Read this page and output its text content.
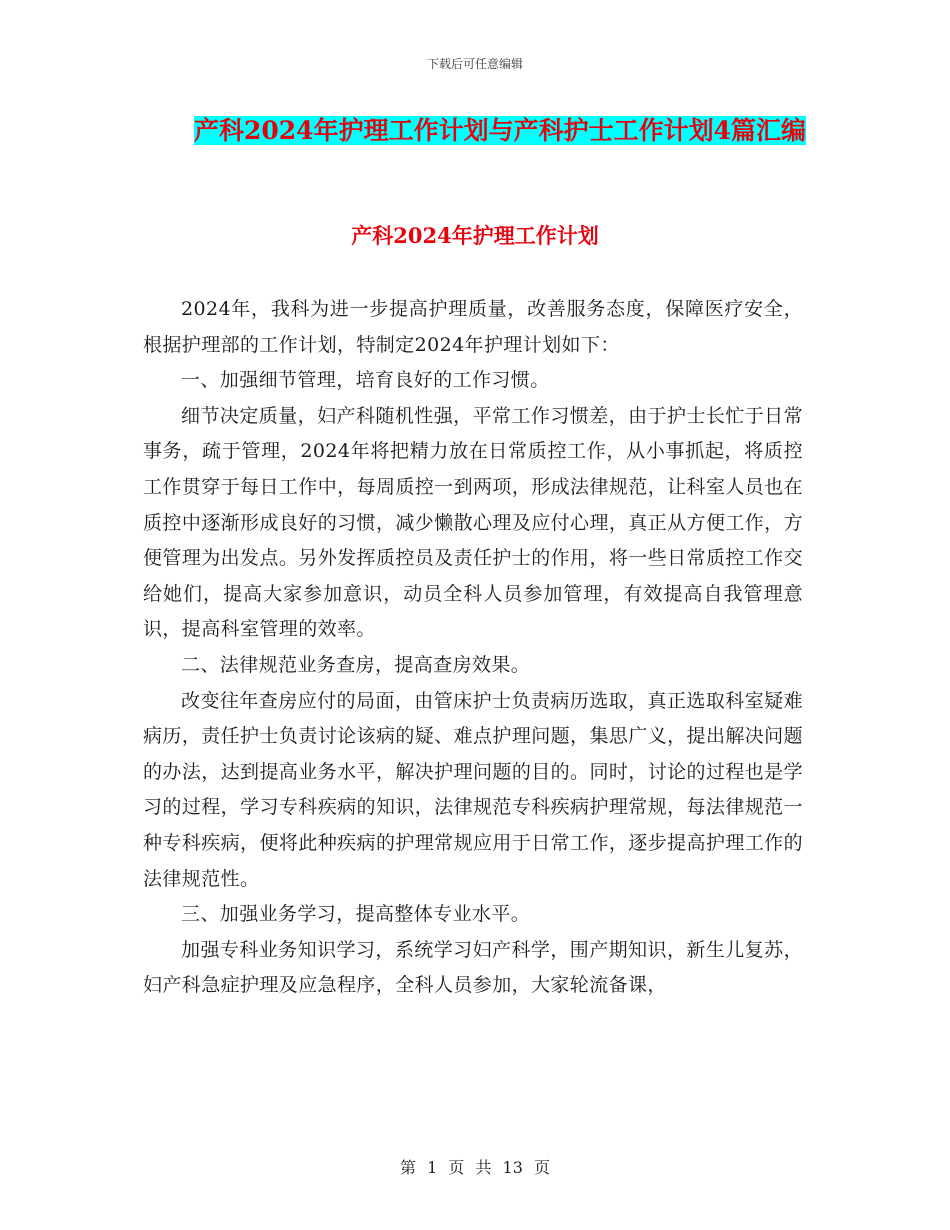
下载后可任意编辑
产科2024年护理工作计划与产科护士工作计划4篇汇编
产科2024年护理工作计划

2024年，我科为进一步提高护理质量，改善服务态度，保障医疗安全，根据护理部的工作计划，特制定2024年护理计划如下：

一、加强细节管理，培育良好的工作习惯。

细节决定质量，妇产科随机性强，平常工作习惯差，由于护士长忙于日常事务，疏于管理，2024年将把精力放在日常质控工作，从小事抓起，将质控工作贯穿于每日工作中，每周质控一到两项，形成法律规范，让科室人员也在质控中逐渐形成良好的习惯，减少懒散心理及应付心理，真正从方便工作，方便管理为出发点。另外发挥质控员及责任护士的作用，将一些日常质控工作交给她们，提高大家参加意识，动员全科人员参加管理，有效提高自我管理意识，提高科室管理的效率。

二、法律规范业务查房，提高查房效果。

改变往年查房应付的局面，由管床护士负责病历选取，真正选取科室疑难病历，责任护士负责讨论该病的疑、难点护理问题，集思广义，提出解决问题的办法，达到提高业务水平，解决护理问题的目的。同时，讨论的过程也是学习的过程，学习专科疾病的知识，法律规范专科疾病护理常规，每法律规范一种专科疾病，便将此种疾病的护理常规应用于日常工作，逐步提高护理工作的法律规范性。

三、加强业务学习，提高整体专业水平。

加强专科业务知识学习，系统学习妇产科学，围产期知识，新生儿复苏，妇产科急症护理及应急程序，全科人员参加，大家轮流备课，

第 1 页 共 13 页
